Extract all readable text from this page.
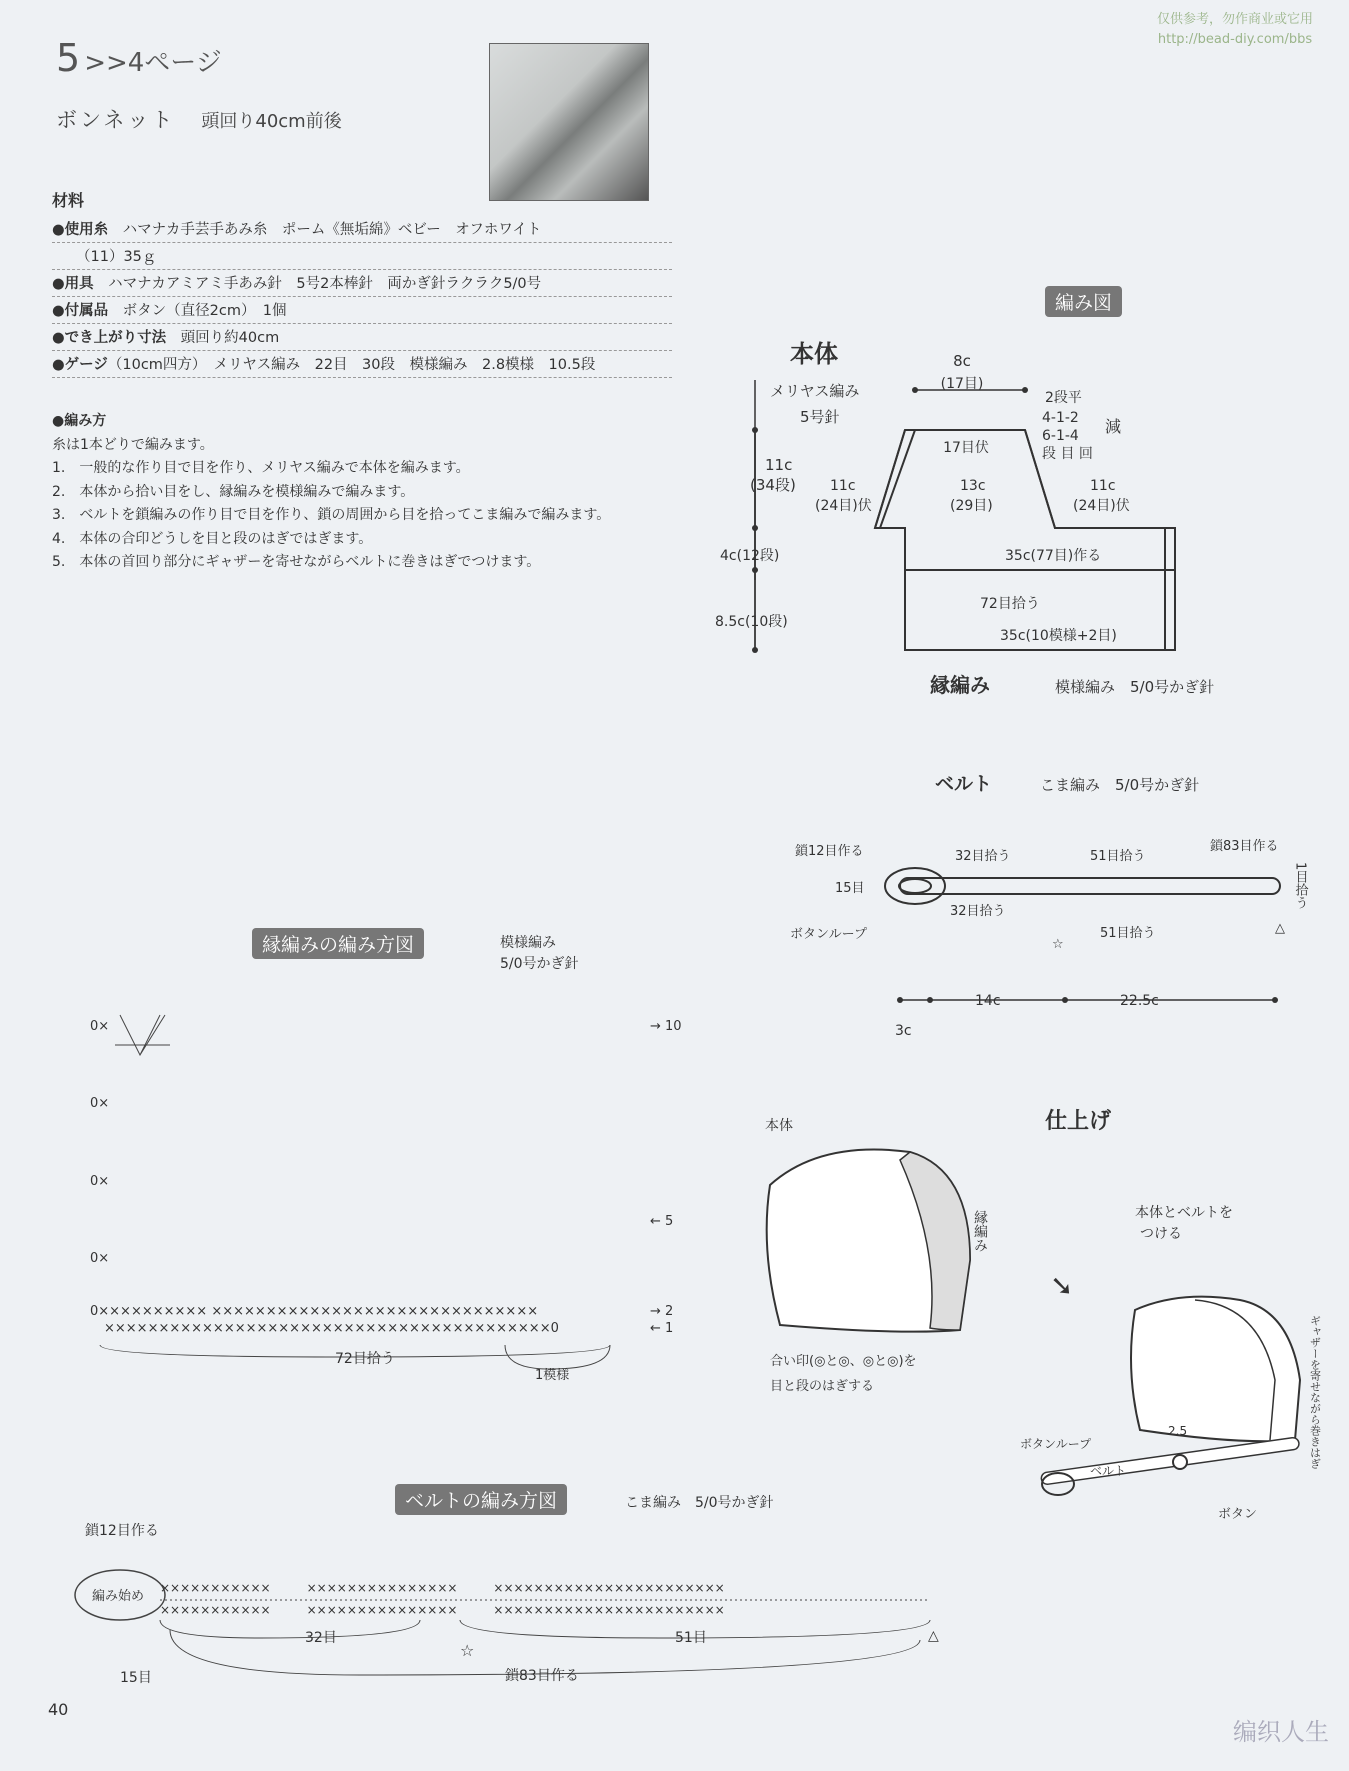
仅供参考，勿作商业或它用
http://bead-diy.com/bbs
5 >>4ページ
ボンネット 頭回り40cm前後
材料
●使用糸　 ハマナカ手芸手あみ糸　ポーム《無垢綿》ベビー　オフホワイト
（11）35ｇ
●用具　 ハマナカアミアミ手あみ針　5号2本棒針　両かぎ針ラクラク5/0号
●付属品　 ボタン（直径2cm）　1個
●でき上がり寸法　 頭回り約40cm
●ゲージ（10cm四方）　メリヤス編み　22目　30段　模様編み　2.8模様　10.5段
●編み方
糸は1本どりで編みます。
1.　一般的な作り目で目を作り、メリヤス編みで本体を編みます。
2.　本体から拾い目をし、縁編みを模様編みで編みます。
3.　ベルトを鎖編みの作り目で目を作り、鎖の周囲から目を拾ってこま編みで編みます。
4.　本体の合印どうしを目と段のはぎではぎます。
5.　本体の首回り部分にギャザーを寄せながらベルトに巻きはぎでつけます。
編み図
本体
メリヤス編み
5号針
8c
(17目)
17目伏
2段平
4-1-2
6-1-4
段 目 回
減
11c
(34段) 11c
(24目)伏
13c
(29目)
11c
(24目)伏
4c(12段)	35c(77目)作る
72目拾う
8.5c(10段)
35c(10模様+2目)
縁編み	模様編み　5/0号かぎ針
ベルト	こま編み　5/0号かぎ針
鎖12目作る
15目
ボタンループ
32目拾う
32目拾う
51目拾う
51目拾う
鎖83目作る
1目拾う
☆
△
14c	22.5c
3c
仕上げ
本体
縁編み
合い印(◎と◎、◎と◎)を
目と段のはぎする
本体とベルトを
つける
➘
ギャザーを寄せながら巻きはぎ
ボタンループ
ベルト
ボタン
2.5
縁編みの編み方図	模様編み
5/0号かぎ針
0×
0×
0×
0×
0×××××××××× ××××××××××××××××××××××××××××××
×××××××××××××××××××××××××××××××××××××××××0
→ 10
← 5
→ 2
← 1
72目拾う
1模様
ベルトの編み方図	こま編み　5/0号かぎ針
鎖12目作る
編み始め
×××××××××××　　　×××××××××××××××　　　×××××××××××××××××××××××
×××××××××××　　　×××××××××××××××　　　×××××××××××××××××××××××
32目	51目
☆
△
鎖83目作る
15目
40
编织人生
